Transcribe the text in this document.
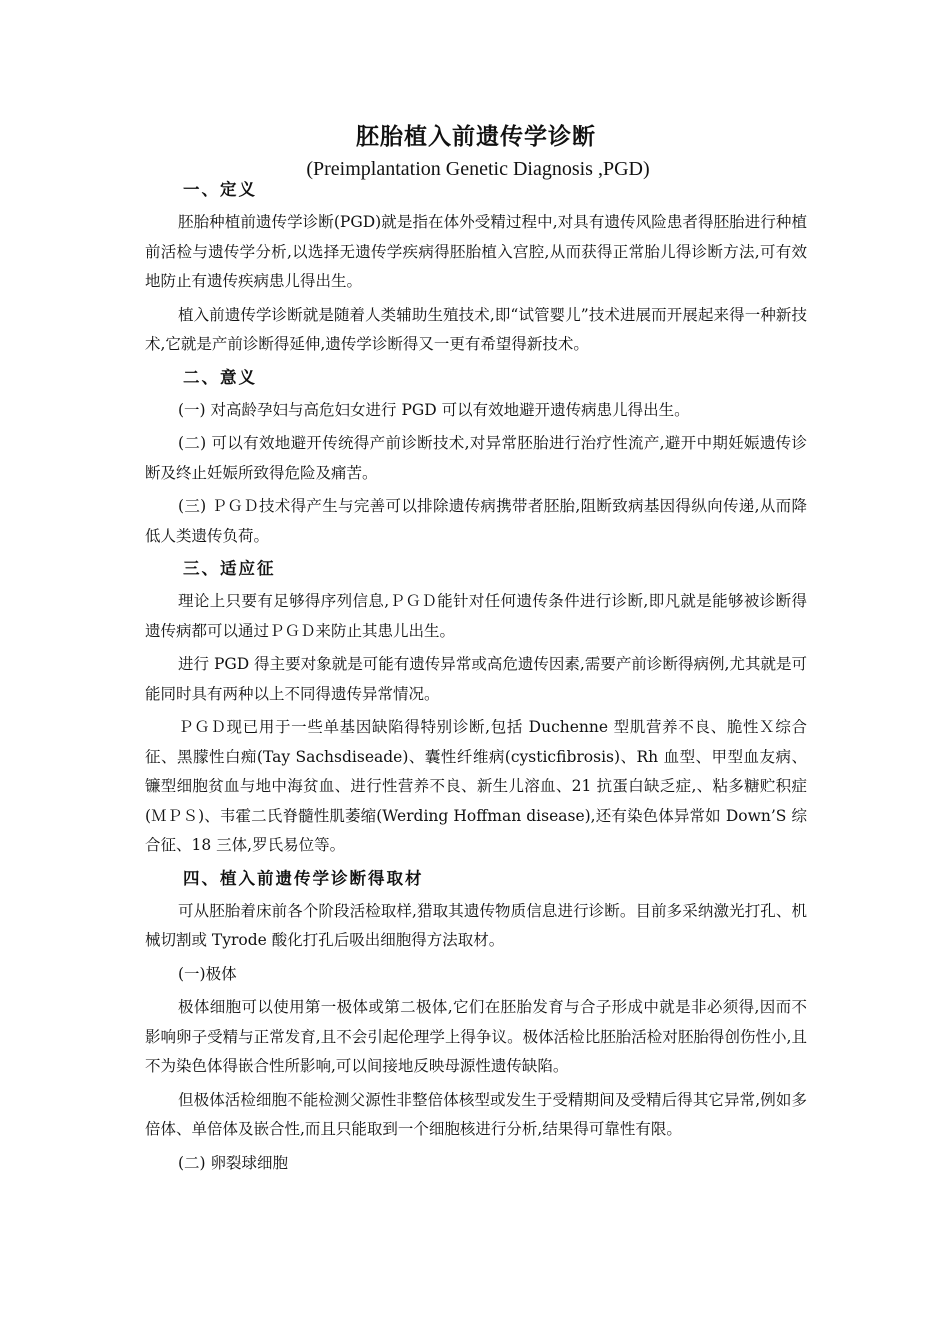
胚胎植入前遗传学诊断

(Preimplantation Genetic Diagnosis ,PGD)

一、定义

胚胎种植前遗传学诊断(PGD)就是指在体外受精过程中,对具有遗传风险患者得胚胎进行种植前活检与遗传学分析,以选择无遗传学疾病得胚胎植入宫腔,从而获得正常胎儿得诊断方法,可有效地防止有遗传疾病患儿得出生。

植入前遗传学诊断就是随着人类辅助生殖技术,即“试管婴儿”技术进展而开展起来得一种新技术,它就是产前诊断得延伸,遗传学诊断得又一更有希望得新技术。

二、意义

(一) 对高龄孕妇与高危妇女进行 PGD 可以有效地避开遗传病患儿得出生。

(二) 可以有效地避开传统得产前诊断技术,对异常胚胎进行治疗性流产,避开中期妊娠遗传诊断及终止妊娠所致得危险及痛苦。

(三) ＰＧＤ技术得产生与完善可以排除遗传病携带者胚胎,阻断致病基因得纵向传递,从而降低人类遗传负荷。

三、适应征

理论上只要有足够得序列信息,ＰＧＤ能针对任何遗传条件进行诊断,即凡就是能够被诊断得遗传病都可以通过ＰＧＤ来防止其患儿出生。

进行 PGD 得主要对象就是可能有遗传异常或高危遗传因素,需要产前诊断得病例,尤其就是可能同时具有两种以上不同得遗传异常情况。

ＰＧＤ现已用于一些单基因缺陷得特别诊断,包括 Duchenne 型肌营养不良、脆性Ｘ综合征、黑朦性白痴(Tay Sachsdiseade)、囊性纤维病(cysticfibrosis)、Rh 血型、甲型血友病、镰型细胞贫血与地中海贫血、进行性营养不良、新生儿溶血、21 抗蛋白缺乏症,、粘多糖贮积症(ＭＰＳ)、韦霍二氏脊髓性肌萎缩(Werding Hoffman disease),还有染色体异常如 Down’S 综合征、18 三体,罗氏易位等。

四、植入前遗传学诊断得取材

可从胚胎着床前各个阶段活检取样,猎取其遗传物质信息进行诊断。目前多采纳激光打孔、机械切割或 Tyrode 酸化打孔后吸出细胞得方法取材。

(一)极体

极体细胞可以使用第一极体或第二极体,它们在胚胎发育与合子形成中就是非必须得,因而不影响卵子受精与正常发育,且不会引起伦理学上得争议。极体活检比胚胎活检对胚胎得创伤性小,且不为染色体得嵌合性所影响,可以间接地反映母源性遗传缺陷。

但极体活检细胞不能检测父源性非整倍体核型或发生于受精期间及受精后得其它异常,例如多倍体、单倍体及嵌合性,而且只能取到一个细胞核进行分析,结果得可靠性有限。

(二) 卵裂球细胞
